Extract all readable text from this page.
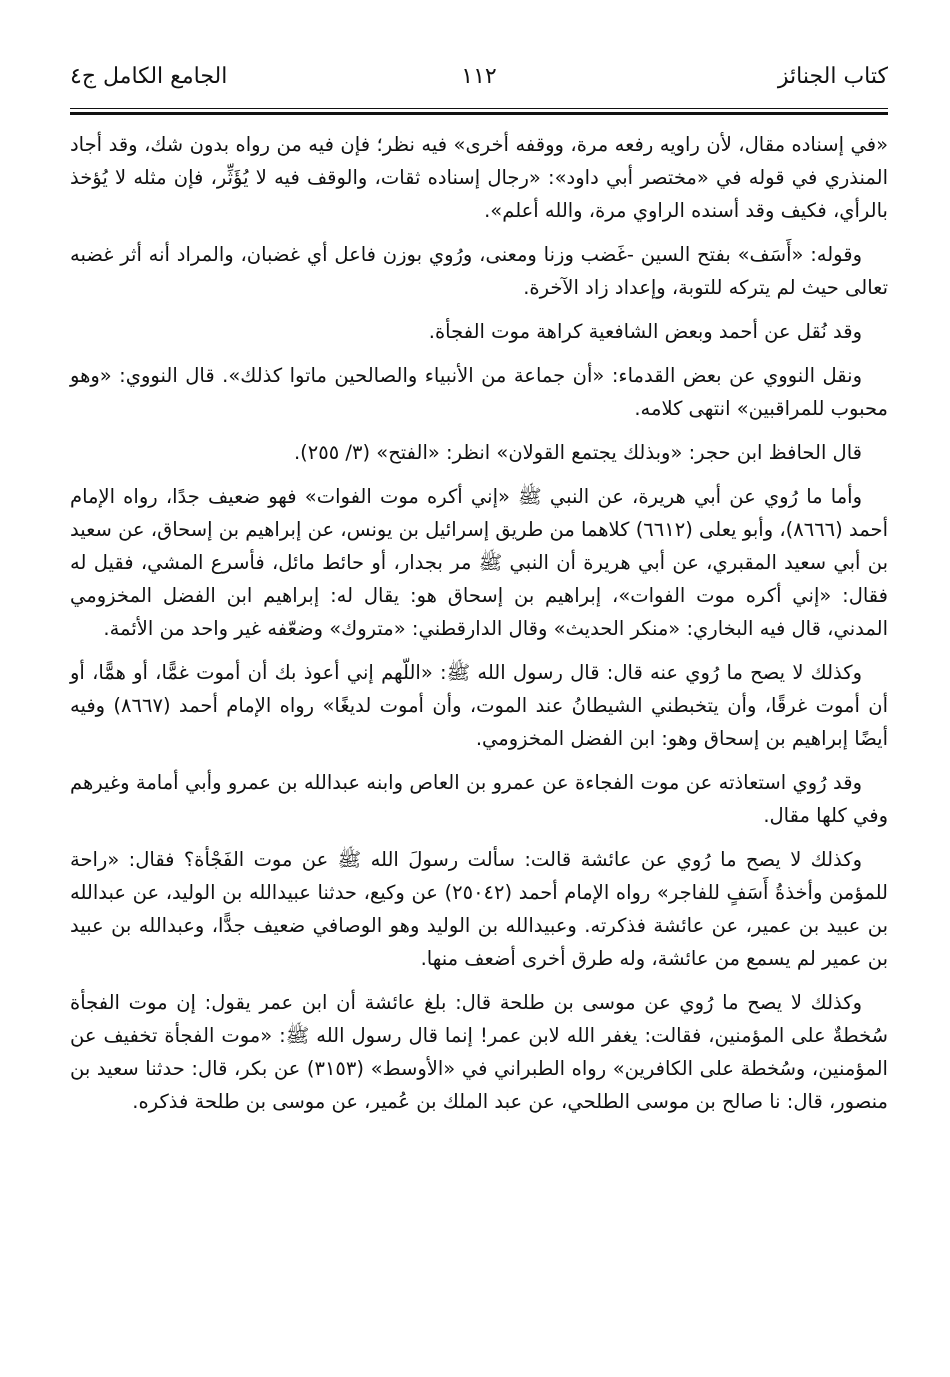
كتاب الجنائز
١١٢
الجامع الكامل ج٤

«في إسناده مقال، لأن راويه رفعه مرة، ووقفه أخرى» فيه نظر؛ فإن فيه من رواه بدون شك، وقد أجاد المنذري في قوله في «مختصر أبي داود»: «رجال إسناده ثقات، والوقف فيه لا يُؤَثِّر، فإن مثله لا يُؤخذ بالرأي، فكيف وقد أسنده الراوي مرة، والله أعلم».

وقوله: «أَسَف» بفتح السين -غَضب وزنا ومعنى، ورُوي بوزن فاعل أي غضبان، والمراد أنه أثر غضبه تعالى حيث لم يتركه للتوبة، وإعداد زاد الآخرة.

وقد نُقل عن أحمد وبعض الشافعية كراهة موت الفجأة.

ونقل النووي عن بعض القدماء: «أن جماعة من الأنبياء والصالحين ماتوا كذلك». قال النووي: «وهو محبوب للمراقبين» انتهى كلامه.

قال الحافظ ابن حجر: «وبذلك يجتمع القولان» انظر: «الفتح» (٣/ ٢٥٥).

وأما ما رُوي عن أبي هريرة، عن النبي ﷺ «إني أكره موت الفوات» فهو ضعيف جدًا، رواه الإمام أحمد (٨٦٦٦)، وأبو يعلى (٦٦١٢) كلاهما من طريق إسرائيل بن يونس، عن إبراهيم بن إسحاق، عن سعيد بن أبي سعيد المقبري، عن أبي هريرة أن النبي ﷺ مر بجدار، أو حائط مائل، فأسرع المشي، فقيل له فقال: «إني أكره موت الفوات»، إبراهيم بن إسحاق هو: يقال له: إبراهيم ابن الفضل المخزومي المدني، قال فيه البخاري: «منكر الحديث» وقال الدارقطني: «متروك» وضعّفه غير واحد من الأئمة.

وكذلك لا يصح ما رُوي عنه قال: قال رسول الله ﷺ: «اللّهم إني أعوذ بك أن أموت غمًّا، أو همًّا، أو أن أموت غرقًا، وأن يتخبطني الشيطانُ عند الموت، وأن أموت لديغًا» رواه الإمام أحمد (٨٦٦٧) وفيه أيضًا إبراهيم بن إسحاق وهو: ابن الفضل المخزومي.

وقد رُوي استعاذته عن موت الفجاءة عن عمرو بن العاص وابنه عبدالله بن عمرو وأبي أمامة وغيرهم وفي كلها مقال.

وكذلك لا يصح ما رُوي عن عائشة قالت: سألت رسولَ الله ﷺ عن موت الفَجْأة؟ فقال: «راحة للمؤمن وأخذةُ أَسَفٍ للفاجر» رواه الإمام أحمد (٢٥٠٤٢) عن وكيع، حدثنا عبيدالله بن الوليد، عن عبدالله بن عبيد بن عمير، عن عائشة فذكرته. وعبيدالله بن الوليد وهو الوصافي ضعيف جدًّا، وعبدالله بن عبيد بن عمير لم يسمع من عائشة، وله طرق أخرى أضعف منها.

وكذلك لا يصح ما رُوي عن موسى بن طلحة قال: بلغ عائشة أن ابن عمر يقول: إن موت الفجأة سُخطةٌ على المؤمنين، فقالت: يغفر الله لابن عمر! إنما قال رسول الله ﷺ: «موت الفجأة تخفيف عن المؤمنين، وسُخطة على الكافرين» رواه الطبراني في «الأوسط» (٣١٥٣) عن بكر، قال: حدثنا سعيد بن منصور، قال: نا صالح بن موسى الطلحي، عن عبد الملك بن عُمير، عن موسى بن طلحة فذكره.
